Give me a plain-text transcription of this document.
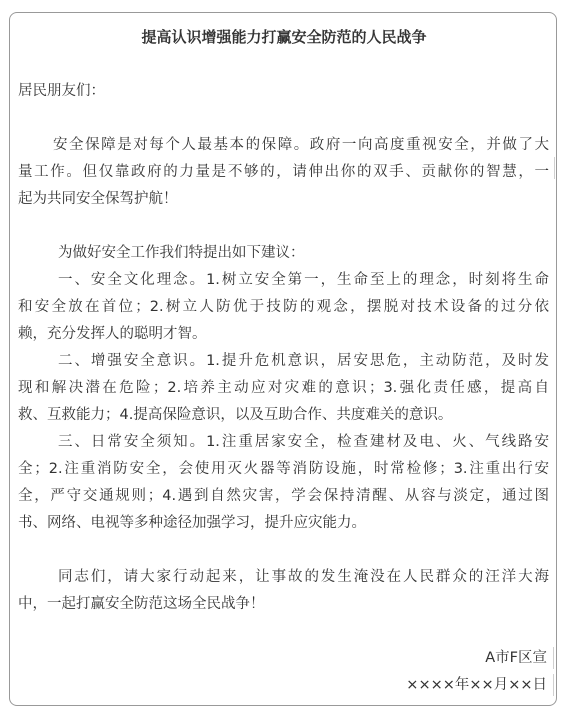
提高认识增强能力打赢安全防范的人民战争
居民朋友们：
安全保障是对每个人最基本的保障。政府一向高度重视安全，并做了大
量工作。但仅靠政府的力量是不够的，请伸出你的双手、贡献你的智慧，一
起为共同安全保驾护航！
为做好安全工作我们特提出如下建议：
一、安全文化理念。1.树立安全第一，生命至上的理念，时刻将生命
和安全放在首位；2.树立人防优于技防的观念，摆脱对技术设备的过分依
赖，充分发挥人的聪明才智。
二、增强安全意识。1.提升危机意识，居安思危，主动防范，及时发
现和解决潜在危险；2.培养主动应对灾难的意识；3.强化责任感，提高自
救、互救能力；4.提高保险意识，以及互助合作、共度难关的意识。
三、日常安全须知。1.注重居家安全，检查建材及电、火、气线路安
全；2.注重消防安全，会使用灭火器等消防设施，时常检修；3.注重出行安
全，严守交通规则；4.遇到自然灾害，学会保持清醒、从容与淡定，通过图
书、网络、电视等多种途径加强学习，提升应灾能力。
同志们，请大家行动起来，让事故的发生淹没在人民群众的汪洋大海
中，一起打赢安全防范这场全民战争！
A市F区宣
××××年××月××日
